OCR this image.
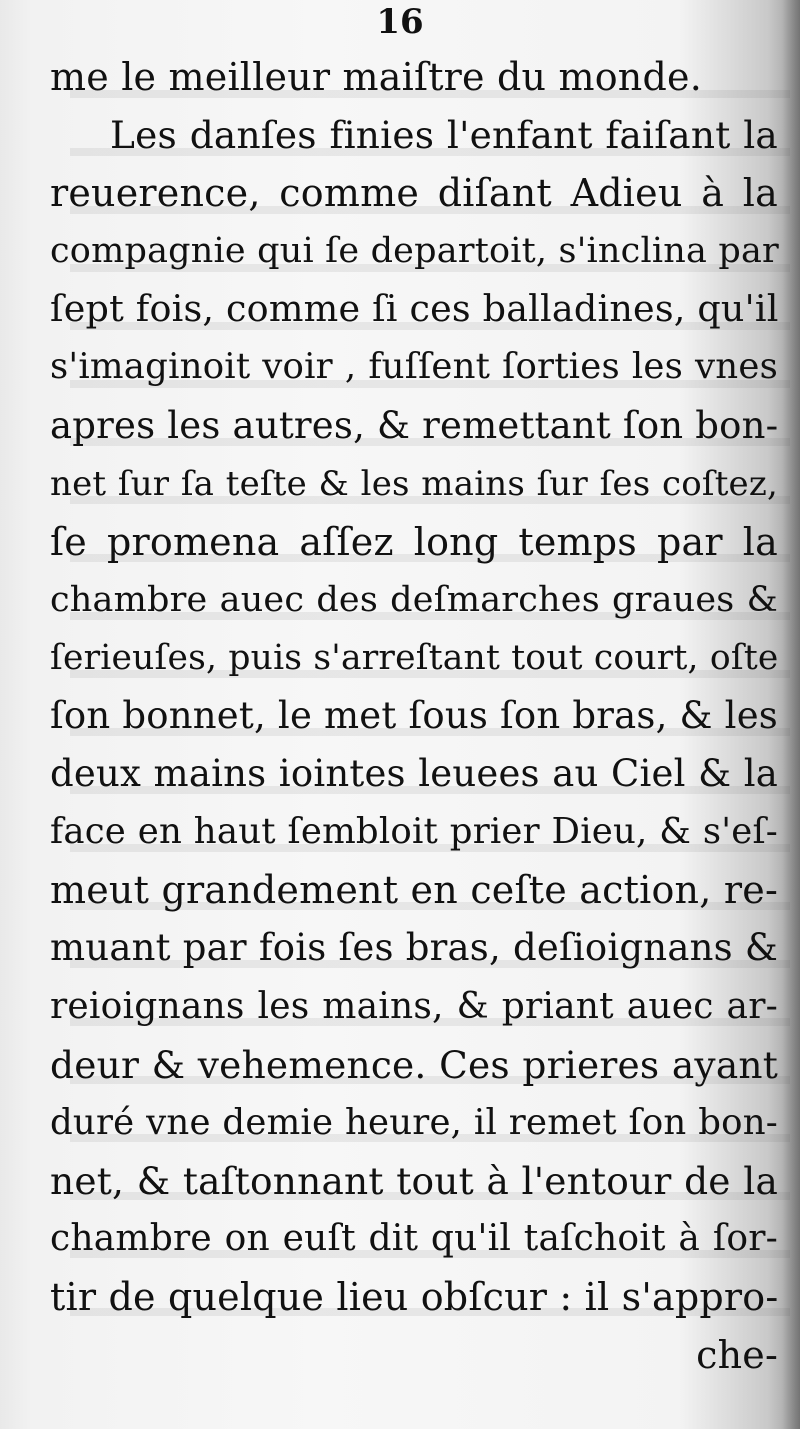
16
me le meilleur maiſtre du monde.
Les danſes finies l'enfant faiſant la
reuerence, comme diſant Adieu à la
compagnie qui ſe departoit, s'inclina par
ſept fois, comme ſi ces balladines, qu'il
s'imaginoit voir , fuſſent ſorties les vnes
apres les autres, & remettant ſon bon-
net ſur ſa teſte & les mains ſur ſes coſtez,
ſe promena aſſez long temps par la
chambre auec des deſmarches graues &
ſerieuſes, puis s'arreſtant tout court, oſte
ſon bonnet, le met ſous ſon bras, & les
deux mains iointes leuees au Ciel & la
face en haut ſembloit prier Dieu, & s'eſ-
meut grandement en ceſte action, re-
muant par fois ſes bras, deſioignans &
reioignans les mains, & priant auec ar-
deur & vehemence. Ces prieres ayant
duré vne demie heure, il remet ſon bon-
net, & taſtonnant tout à l'entour de la
chambre on euſt dit qu'il taſchoit à ſor-
tir de quelque lieu obſcur : il s'appro-
che-
